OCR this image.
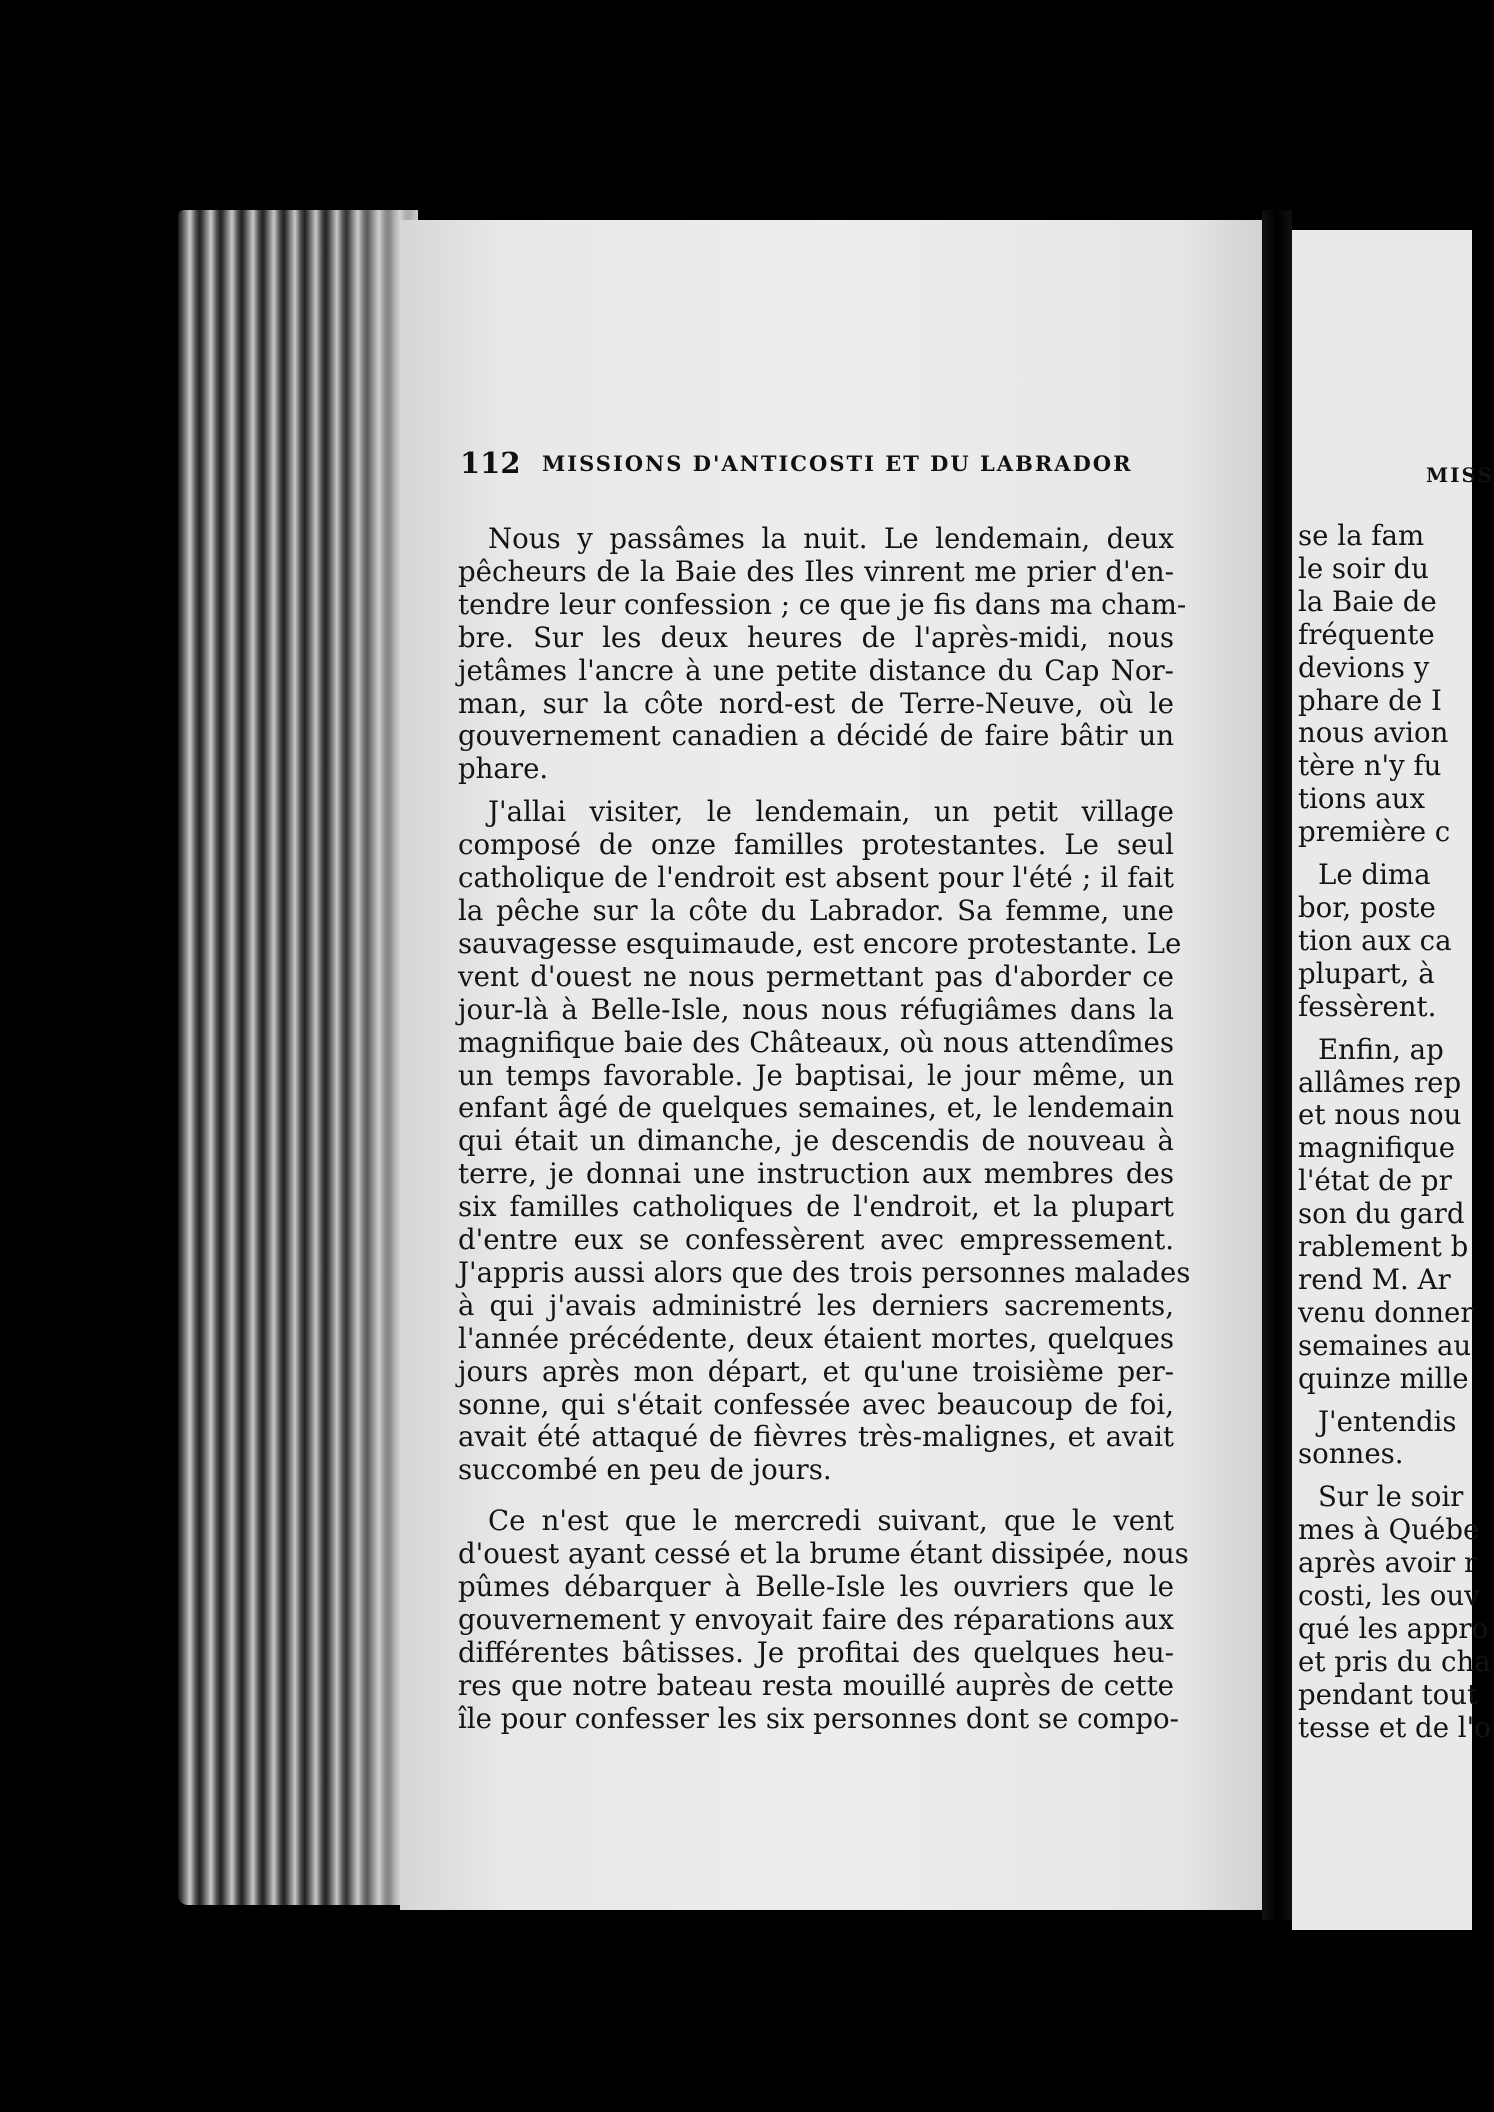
112 MISSIONS D'ANTICOSTI ET DU LABRADOR

Nous y passâmes la nuit. Le lendemain, deux
pêcheurs de la Baie des Iles vinrent me prier d'en-
tendre leur confession ; ce que je fis dans ma cham-
bre. Sur les deux heures de l'après-midi, nous
jetâmes l'ancre à une petite distance du Cap Nor-
man, sur la côte nord-est de Terre-Neuve, où le
gouvernement canadien a décidé de faire bâtir un
phare.

J'allai visiter, le lendemain, un petit village
composé de onze familles protestantes. Le seul
catholique de l'endroit est absent pour l'été ; il fait
la pêche sur la côte du Labrador. Sa femme, une
sauvagesse esquimaude, est encore protestante. Le
vent d'ouest ne nous permettant pas d'aborder ce
jour-là à Belle-Isle, nous nous réfugiâmes dans la
magnifique baie des Châteaux, où nous attendîmes
un temps favorable. Je baptisai, le jour même, un
enfant âgé de quelques semaines, et, le lendemain
qui était un dimanche, je descendis de nouveau à
terre, je donnai une instruction aux membres des
six familles catholiques de l'endroit, et la plupart
d'entre eux se confessèrent avec empressement.
J'appris aussi alors que des trois personnes malades
à qui j'avais administré les derniers sacrements,
l'année précédente, deux étaient mortes, quelques
jours après mon départ, et qu'une troisième per-
sonne, qui s'était confessée avec beaucoup de foi,
avait été attaqué de fièvres très-malignes, et avait
succombé en peu de jours.

Ce n'est que le mercredi suivant, que le vent
d'ouest ayant cessé et la brume étant dissipée, nous
pûmes débarquer à Belle-Isle les ouvriers que le
gouvernement y envoyait faire des réparations aux
différentes bâtisses. Je profitai des quelques heu-
res que notre bateau resta mouillé auprès de cette
île pour confesser les six personnes dont se compo-

MISS
se la fam
le soir du
la Baie de
fréquente
devions y
phare de I
nous avion
tère n'y fu
tions aux
première c
Le dima
bor, poste
tion aux ca
plupart, à
fessèrent.
Enfin, ap
allâmes rep
et nous nou
magnifique
l'état de pr
son du gard
rablement b
rend M. Ar
venu donner
semaines au
quinze mille
J'entendis
sonnes.
Sur le soir
mes à Québe
après avoir r
costi, les ouv
qué les appro
et pris du cha
pendant tout
tesse et de l'o
